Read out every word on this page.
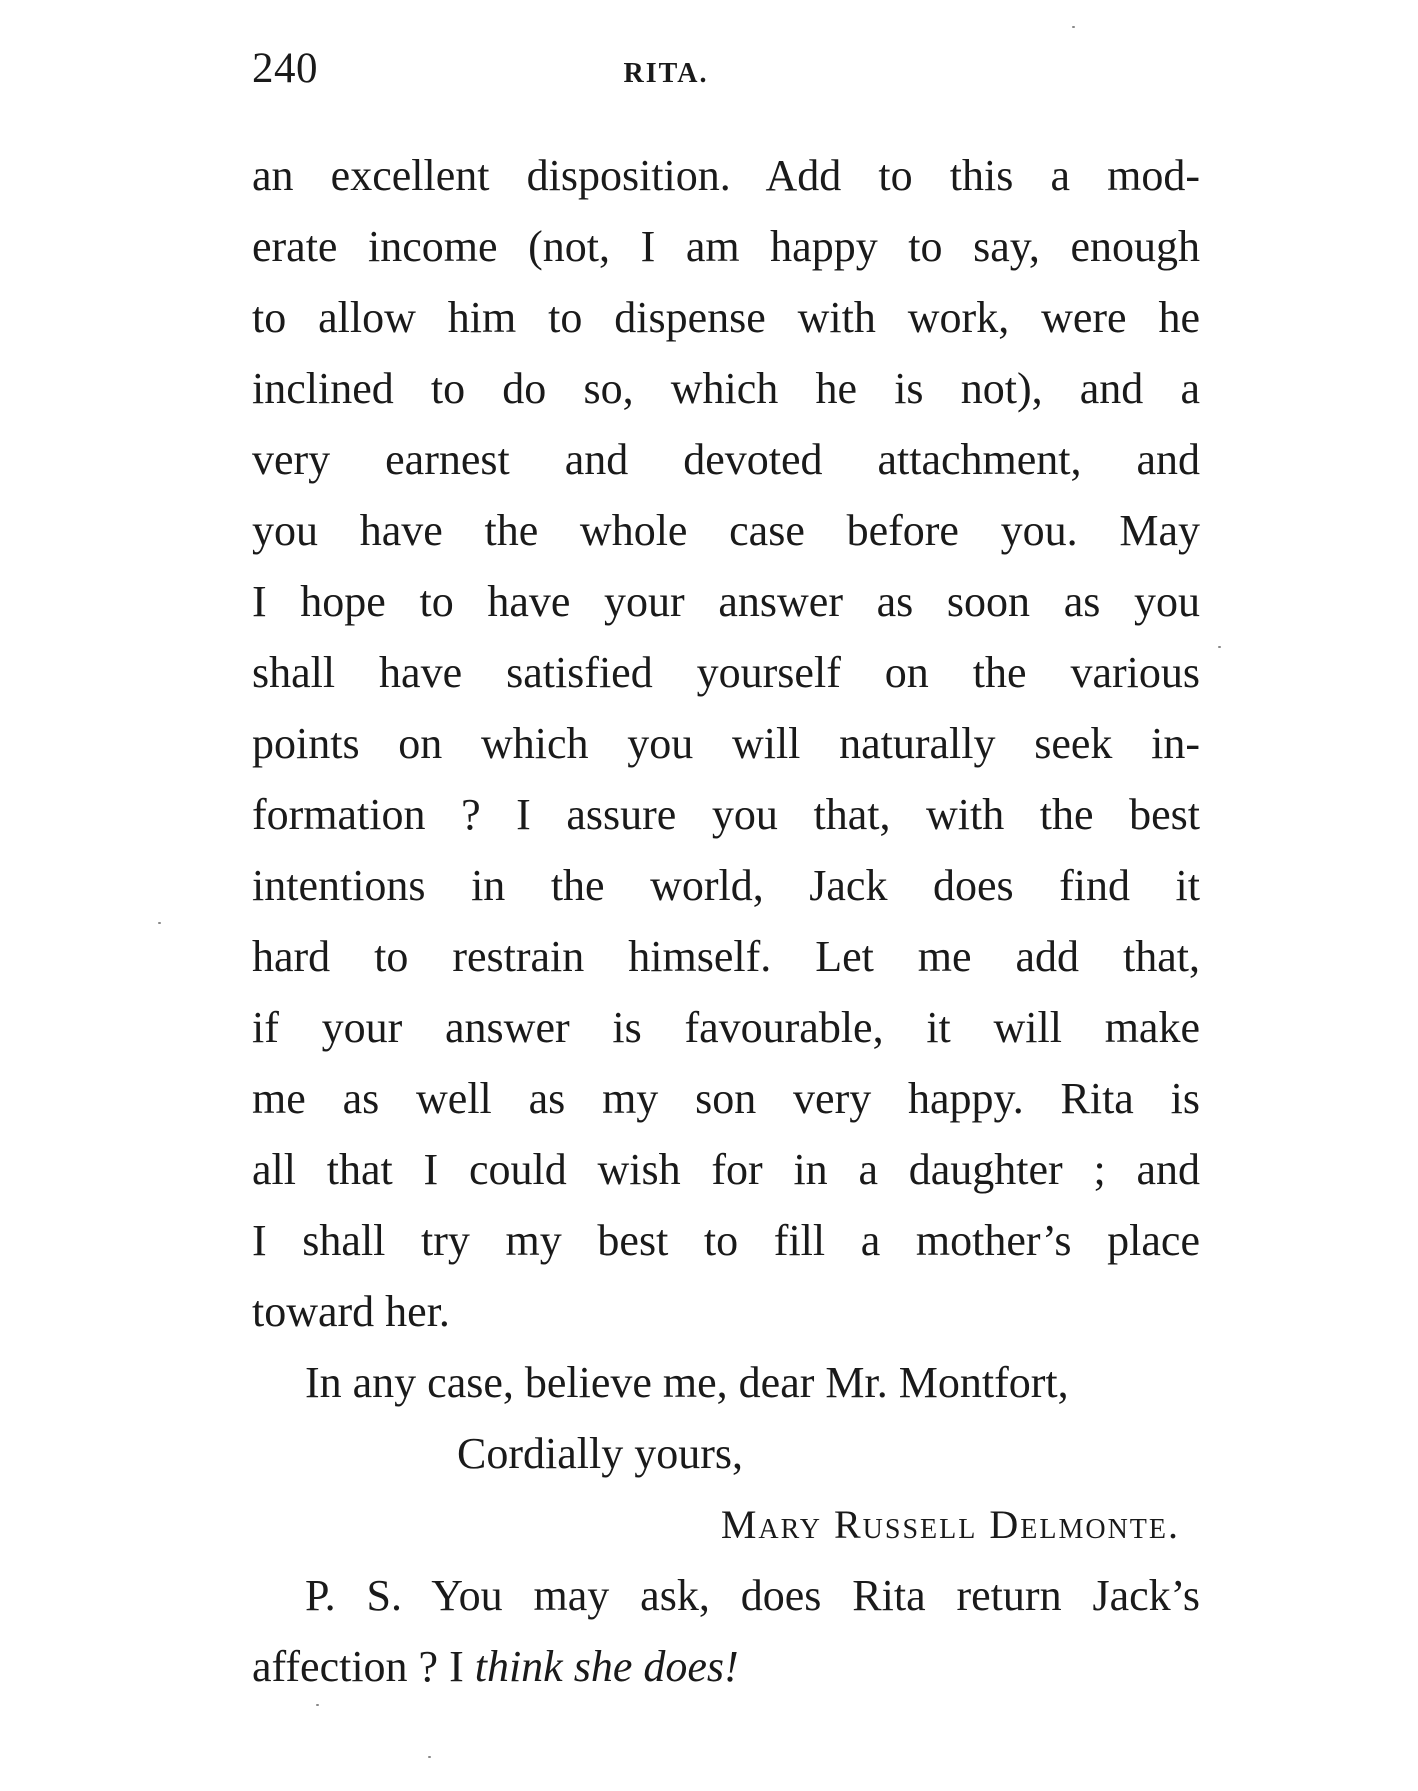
240	RITA.
an excellent disposition. Add to this a mod-
erate income (not, I am happy to say, enough
to allow him to dispense with work, were he
inclined to do so, which he is not), and a
very earnest and devoted attachment, and
you have the whole case before you. May
I hope to have your answer as soon as you
shall have satisfied yourself on the various
points on which you will naturally seek in-
formation ? I assure you that, with the best
intentions in the world, Jack does find it
hard to restrain himself. Let me add that,
if your answer is favourable, it will make
me as well as my son very happy. Rita is
all that I could wish for in a daughter ; and
I shall try my best to fill a mother’s place
toward her.
In any case, believe me, dear Mr. Montfort,
Cordially yours,
Mary Russell Delmonte.
P. S. You may ask, does Rita return Jack’s
affection ? I think she does!
